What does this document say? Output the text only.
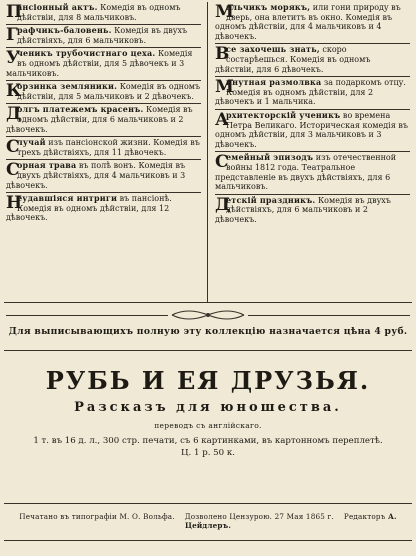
П
ансіонный актъ. Комедія въ одномъ дѣйствіи, для 8 мальчиковъ.
Графчикъ-баловень. Комедія въ двухъ дѣйствіяхъ, для 6 мальчиковъ.
У
ченикъ трубочистнаго цеха. Комедія въ одномъ дѣйствіи, для 5 дѣвочекъ и 3 мальчиковъ.
К
орзинка земляники. Комедія въ одномъ дѣйствіи, для 5 мальчиковъ и 2 дѣвочекъ.
Д
олгъ платежемъ красенъ. Комедія въ одномъ дѣйствіи, для 6 мальчиковъ и 2 дѣвочекъ.
С
лучай изъ пансіонской жизни. Комедія въ трехъ дѣйствіяхъ, для 11 дѣвочекъ.
С
орная трава въ полѣ вонъ. Комедія въ двухъ дѣйствіяхъ, для 4 мальчиковъ и 3 дѣвочекъ.
Н
еудавшіяся интриги въ пансіонѣ. Комедія въ одномъ дѣйствіи, для 12 дѣвочекъ.
М
альчикъ морякъ, или гони природу въ дверь, она влетитъ въ окно. Комедія въ одномъ дѣйствіи, для 4 мальчиковъ и 4 дѣвочекъ.
В
се захочешь знать, скоро состарѣешься. Комедія въ одномъ дѣйствіи, для 6 дѣвочекъ.
М
инутная размолвка за подаркомъ отцу. Комедія въ одномъ дѣйствіи, для 2 дѣвочекъ и 1 мальчика.
А
рхитекторскій ученикъ во времена Петра Великаго. Историческая комедія въ одномъ дѣйствіи, для 3 мальчиковъ и 3 дѣвочекъ.
С
емейный эпизодъ изъ отечественной войны 1812 года. Театральное представленіе въ двухъ дѣйствіяхъ, для 6 мальчиковъ.
Д
етскій праздникъ. Комедія въ двухъ дѣйствіяхъ, для 6 мальчиковъ и 2 дѣвочекъ.
Для выписывающихъ полную эту коллекцію назначается цѣна 4 руб.
РУБЬ И ЕЯ ДРУЗЬЯ.
Разсказъ для юношества.
переводъ съ англійскаго.
1 т. въ 16 д. л., 300 стр. печати, съ 6 картинками, въ картонномъ переплетѣ.
Ц. 1 р. 50 к.
Печатано въ типографіи М. О. Вольфа. Дозволено Цензурою. 27 Мая 1865 г. Редакторъ А. Цейдлеръ.
